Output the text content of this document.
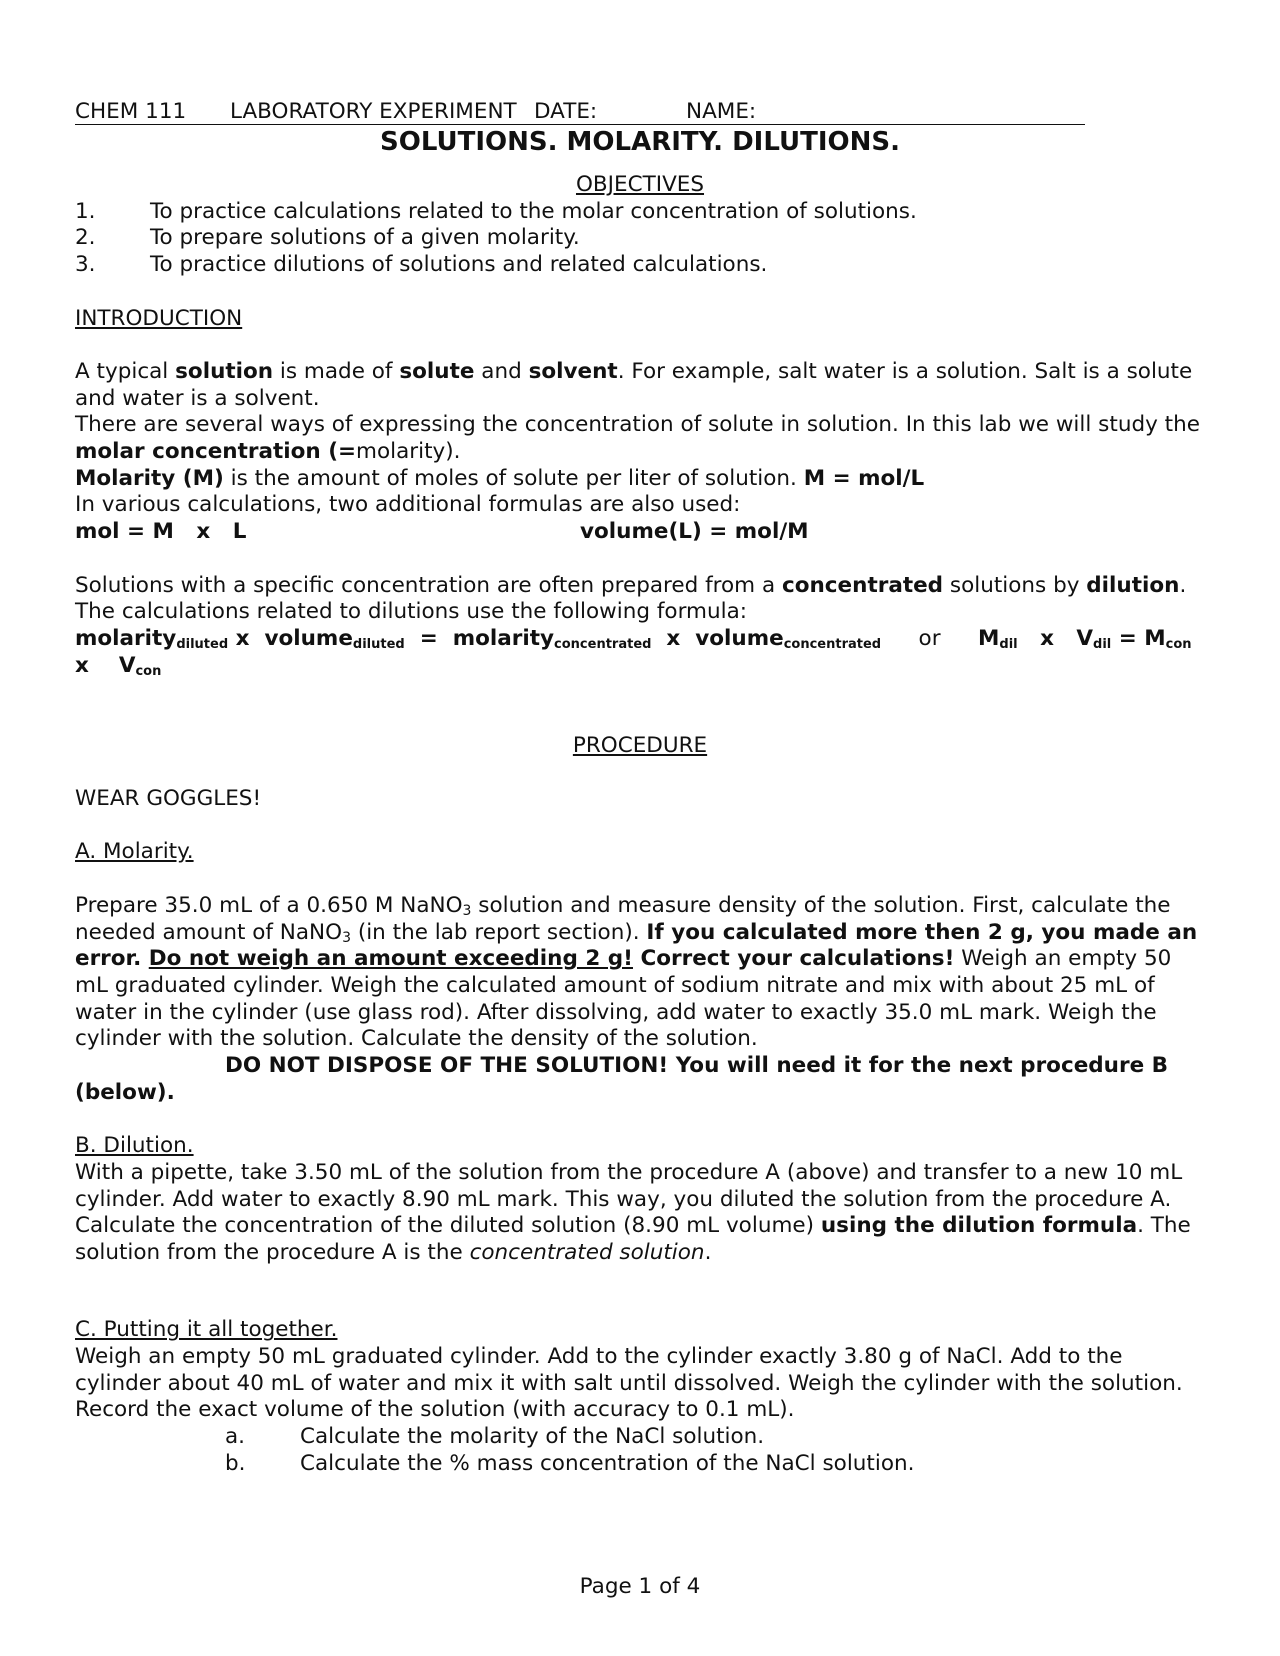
CHEM 111	LABORATORY EXPERIMENT DATE:	NAME:
SOLUTIONS. MOLARITY. DILUTIONS.
OBJECTIVES
1.	To practice calculations related to the molar concentration of solutions.
2.	To prepare solutions of a given molarity.
3.	To practice dilutions of solutions and related calculations.
INTRODUCTION
A typical solution is made of solute and solvent. For example, salt water is a solution. Salt is a solute and water is a solvent.
There are several ways of expressing the concentration of solute in solution. In this lab we will study the molar concentration (=molarity).
Molarity (M) is the amount of moles of solute per liter of solution. M = mol/L
In various calculations, two additional formulas are also used:
mol = M   x   L	volume(L) = mol/M
Solutions with a specific concentration are often prepared from a concentrated solutions by dilution. The calculations related to dilutions use the following formula:
molarity$_{diluted}$ x  volume$_{diluted}$  =  molarity$_{concentrated}$  x  volume$_{concentrated}$ or $M_{dil}$   x   $V_{dil} = M_{con}$    x    $V_{con}$
PROCEDURE
WEAR GOGGLES!
A. Molarity.
Prepare 35.0 mL of a 0.650 M NaNO$_3$ solution and measure density of the solution. First, calculate the needed amount of NaNO$_3$ (in the lab report section). If you calculated more then 2 g, you made an error. Do not weigh an amount exceeding 2 g! Correct your calculations! Weigh an empty 50 mL graduated cylinder. Weigh the calculated amount of sodium nitrate and mix with about 25 mL of water in the cylinder (use glass rod). After dissolving, add water to exactly 35.0 mL mark. Weigh the cylinder with the solution. Calculate the density of the solution.
DO NOT DISPOSE OF THE SOLUTION! You will need it for the next procedure B (below).
B. Dilution.
With a pipette, take 3.50 mL of the solution from the procedure A (above) and transfer to a new 10 mL cylinder. Add water to exactly 8.90 mL mark. This way, you diluted the solution from the procedure A. Calculate the concentration of the diluted solution (8.90 mL volume) using the dilution formula. The solution from the procedure A is the concentrated solution.
C. Putting it all together.
Weigh an empty 50 mL graduated cylinder. Add to the cylinder exactly 3.80 g of NaCl. Add to the cylinder about 40 mL of water and mix it with salt until dissolved. Weigh the cylinder with the solution. Record the exact volume of the solution (with accuracy to 0.1 mL).
a.	Calculate the molarity of the NaCl solution.
b.	Calculate the % mass concentration of the NaCl solution.
Page 1 of 4
